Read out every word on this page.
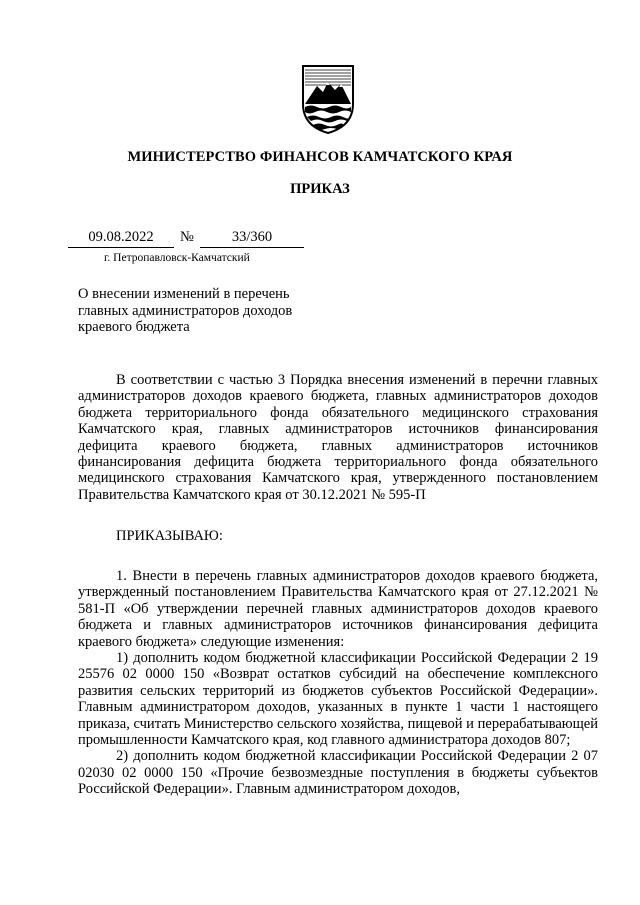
МИНИСТЕРСТВО ФИНАНСОВ КАМЧАТСКОГО КРАЯ
ПРИКАЗ
09.08.2022	№	33/360
г. Петропавловск-Камчатский
О внесении изменений в перечень главных администраторов доходов краевого бюджета

В соответствии с частью 3 Порядка внесения изменений в перечни главных администраторов доходов краевого бюджета, главных администраторов доходов бюджета территориального фонда обязательного медицинского страхования Камчатского края, главных администраторов источников финансирования дефицита краевого бюджета, главных администраторов источников финансирования дефицита бюджета территориального фонда обязательного медицинского страхования Камчатского края, утвержденного постановлением Правительства Камчатского края от 30.12.2021 № 595-П

ПРИКАЗЫВАЮ:

1. Внести в перечень главных администраторов доходов краевого бюджета, утвержденный постановлением Правительства Камчатского края от 27.12.2021 № 581-П «Об утверждении перечней главных администраторов доходов краевого бюджета и главных администраторов источников финансирования дефицита краевого бюджета» следующие изменения:

1) дополнить кодом бюджетной классификации Российской Федерации 2 19 25576 02 0000 150 «Возврат остатков субсидий на обеспечение комплексного развития сельских территорий из бюджетов субъектов Российской Федерации». Главным администратором доходов, указанных в пункте 1 части 1 настоящего приказа, считать Министерство сельского хозяйства, пищевой и перерабатывающей промышленности Камчатского края, код главного администратора доходов 807;

2) дополнить кодом бюджетной классификации Российской Федерации 2 07 02030 02 0000 150 «Прочие безвозмездные поступления в бюджеты субъектов Российской Федерации». Главным администратором доходов,
